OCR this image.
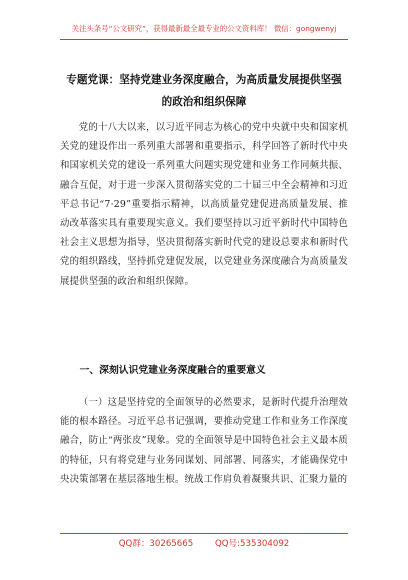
关注头条号“公文研究”，获得最新最全最专业的公文资料库！ 微信：gongwenyj
专题党课：坚持党建业务深度融合，为高质量发展提供坚强的政治和组织保障
党的十八大以来，以习近平同志为核心的党中央就中央和国家机关党的建设作出一系列重大部署和重要指示，科学回答了新时代中央和国家机关党的建设一系列重大问题实现党建和业务工作同频共振、融合互促，对于进一步深入贯彻落实党的二十届三中全会精神和习近平总书记“7·29”重要指示精神，以高质量党建促进高质量发展、推动改革落实具有重要现实意义。我们要坚持以习近平新时代中国特色社会主义思想为指导，坚决贯彻落实新时代党的建设总要求和新时代党的组织路线，坚持抓党建促发展，以党建业务深度融合为高质量发展提供坚强的政治和组织保障。
一、深刻认识党建业务深度融合的重要意义
（一）这是坚持党的全面领导的必然要求，是新时代提升治理效能的根本路径。习近平总书记强调，要推动党建工作和业务工作深度融合，防止“两张皮”现象。党的全面领导是中国特色社会主义最本质的特征，只有将党建与业务同谋划、同部署、同落实，才能确保党中央决策部署在基层落地生根。统战工作肩负着凝聚共识、汇聚力量的
QQ群：30265665        QQ号:535304092
